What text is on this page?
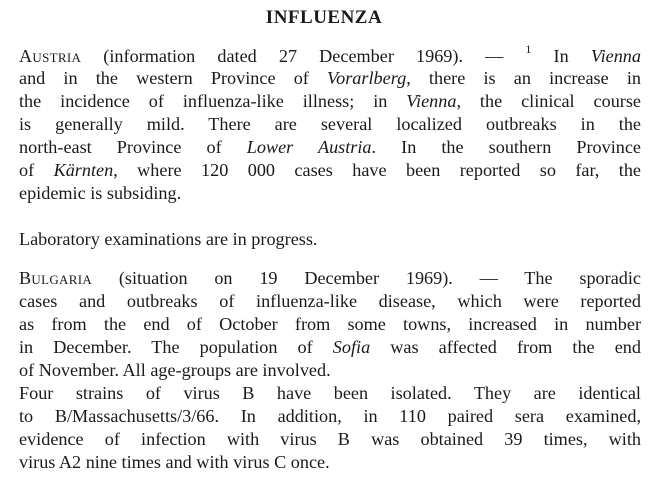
INFLUENZA
Austria (information dated 27 December 1969). — $^1$ In Vienna
and in the western Province of Vorarlberg, there is an increase in
the incidence of influenza-like illness; in Vienna, the clinical course
is generally mild. There are several localized outbreaks in the
north-east Province of Lower Austria. In the southern Province
of Kärnten, where 120 000 cases have been reported so far, the
epidemic is subsiding.
Laboratory examinations are in progress.
Bulgaria (situation on 19 December 1969). — The sporadic
cases and outbreaks of influenza-like disease, which were reported
as from the end of October from some towns, increased in number
in December. The population of Sofia was affected from the end
of November. All age-groups are involved.
Four strains of virus B have been isolated. They are identical
to B/Massachusetts/3/66. In addition, in 110 paired sera examined,
evidence of infection with virus B was obtained 39 times, with
virus A2 nine times and with virus C once.
